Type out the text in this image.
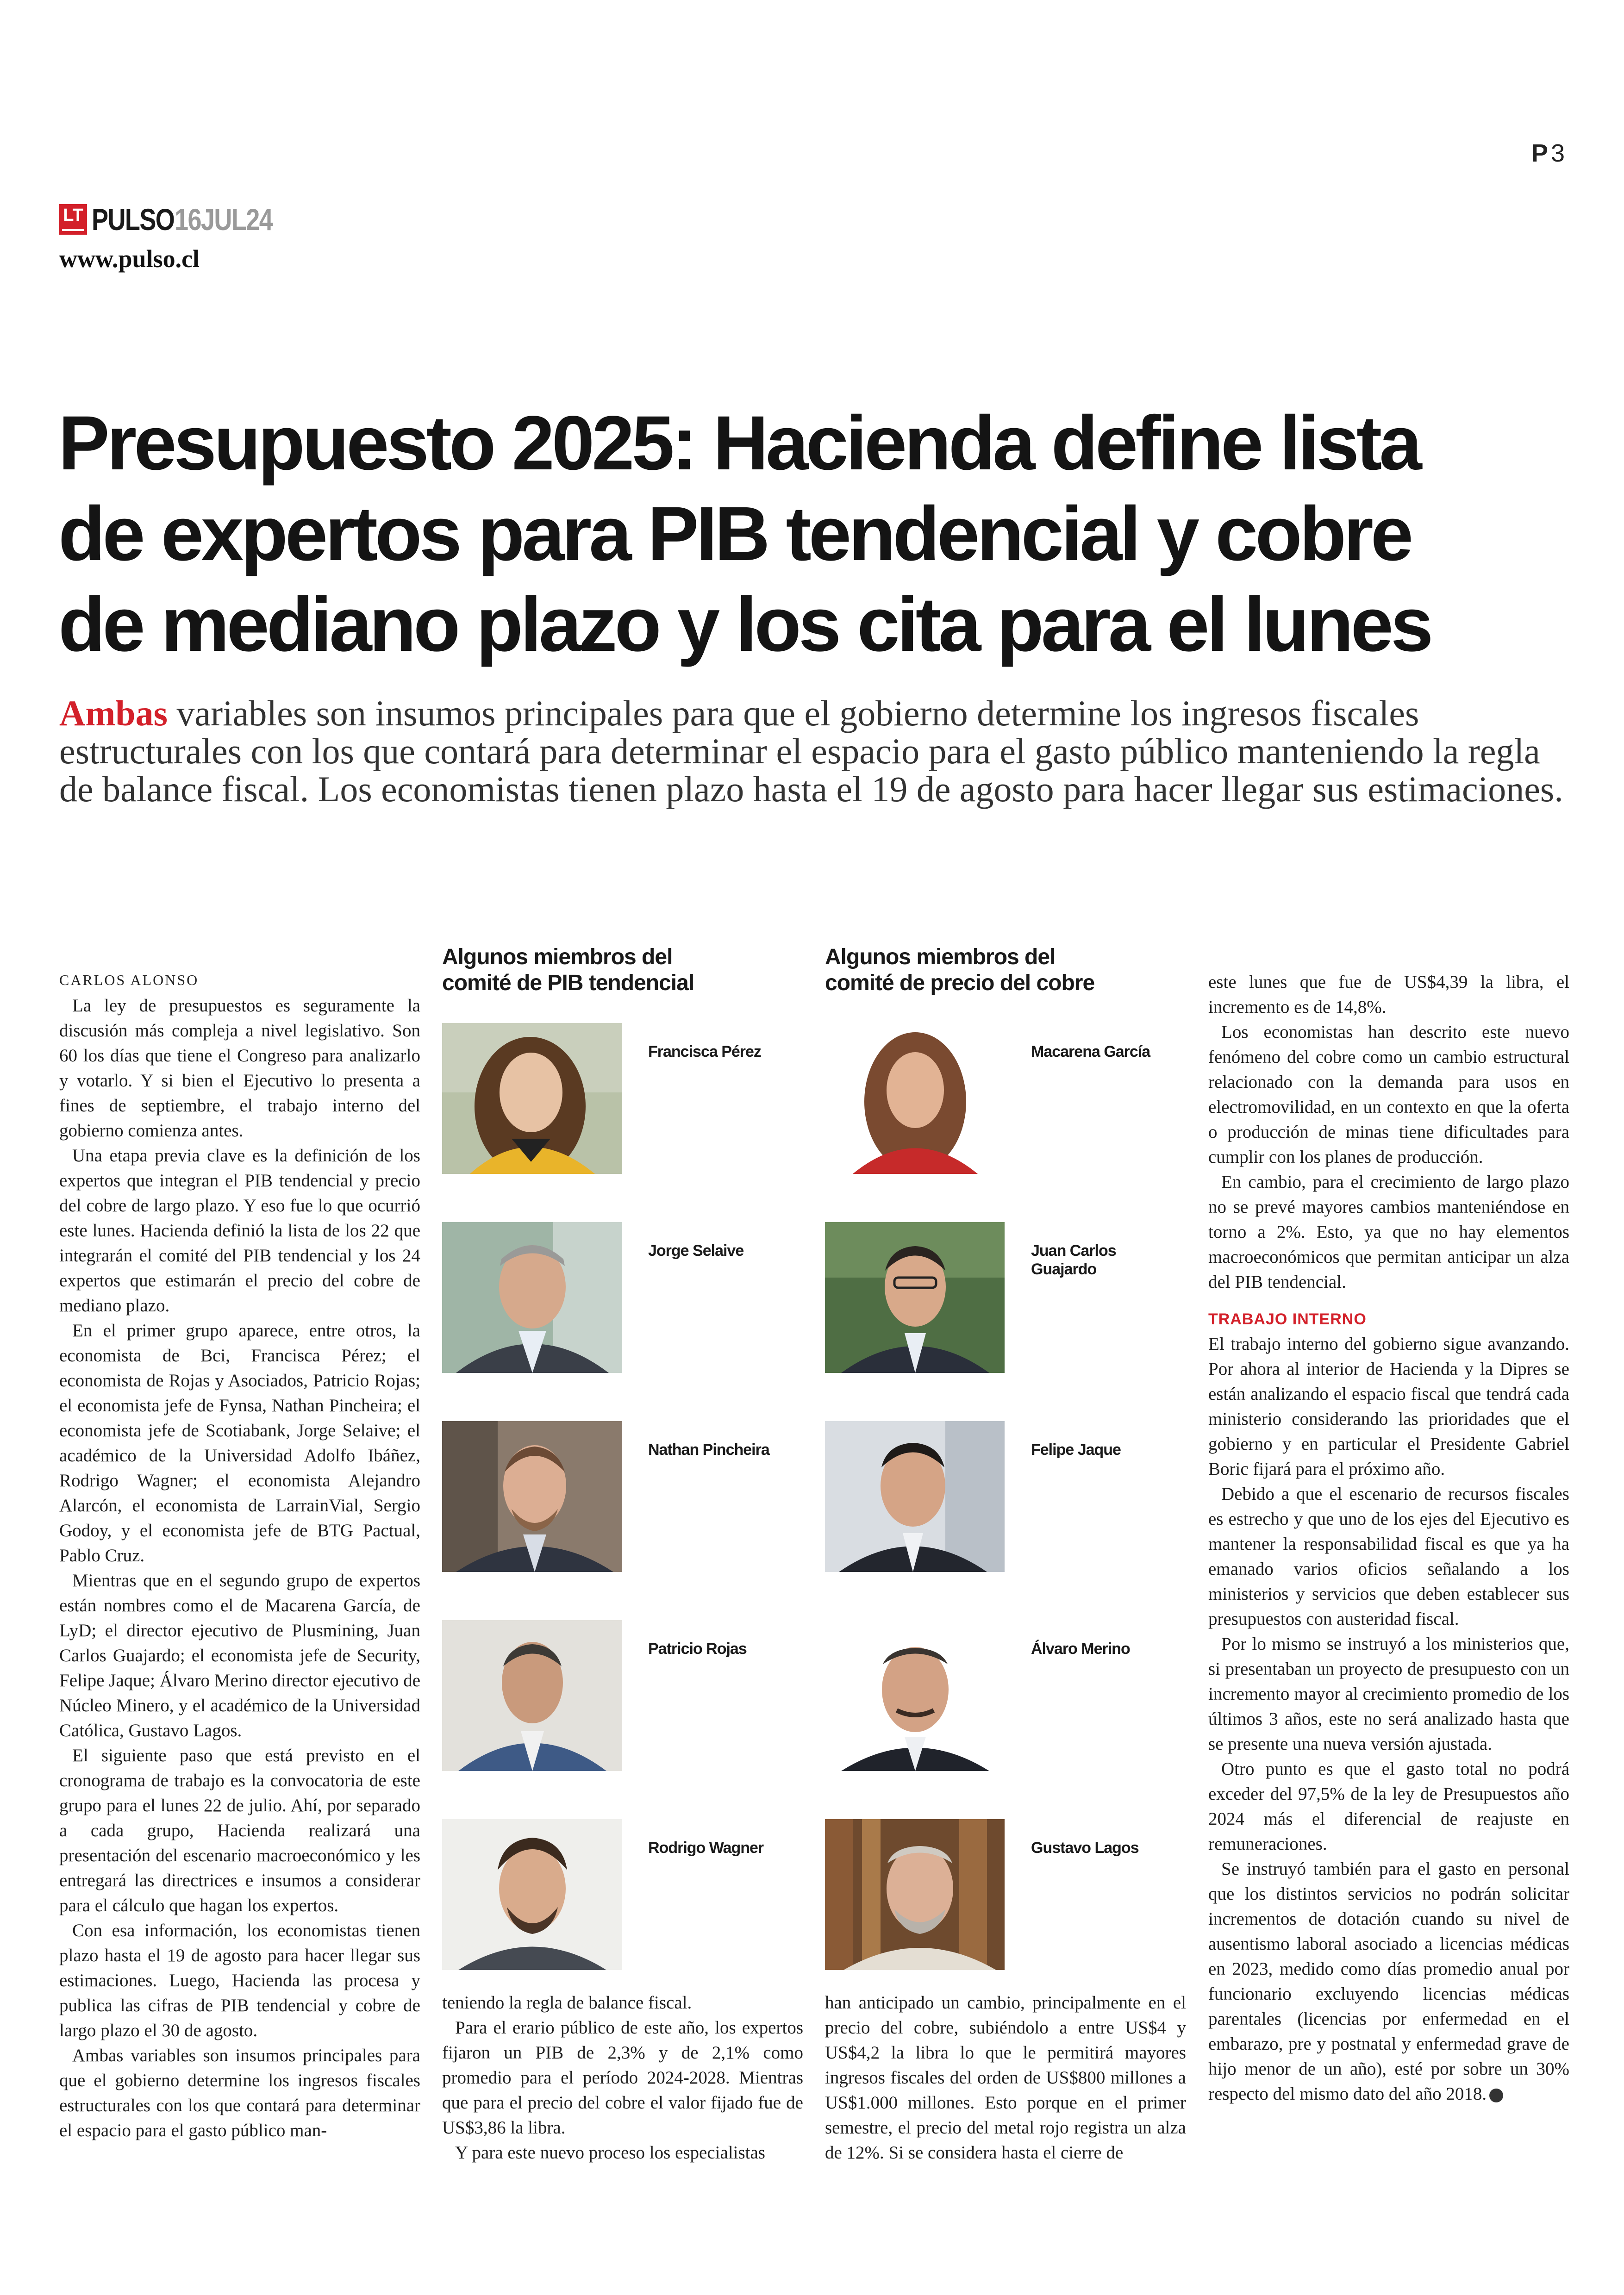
P3
LT PULSO 16JUL24
www.pulso.cl
Presupuesto 2025: Hacienda define lista
de expertos para PIB tendencial y cobre
de mediano plazo y los cita para el lunes
Ambas variables son insumos principales para que el gobierno determine los ingresos fiscales estructurales con los que contará para determinar el espacio para el gasto público manteniendo la regla de balance fiscal. Los economistas tienen plazo hasta el 19 de agosto para hacer llegar sus estimaciones.
CARLOS ALONSO

La ley de presupuestos es seguramente la discusión más compleja a nivel legislativo. Son 60 los días que tiene el Congreso para analizarlo y votarlo. Y si bien el Ejecutivo lo presenta a fines de septiembre, el trabajo interno del gobierno comienza antes.

Una etapa previa clave es la definición de los expertos que integran el PIB tendencial y precio del cobre de largo plazo. Y eso fue lo que ocurrió este lunes. Hacienda definió la lista de los 22 que integrarán el comité del PIB tendencial y los 24 expertos que estimarán el precio del cobre de mediano plazo.

En el primer grupo aparece, entre otros, la economista de Bci, Francisca Pérez; el economista de Rojas y Asociados, Patricio Rojas; el economista jefe de Fynsa, Nathan Pincheira; el economista jefe de Scotiabank, Jorge Selaive; el académico de la Universidad Adolfo Ibáñez, Rodrigo Wagner; el economista Alejandro Alarcón, el economista de LarrainVial, Sergio Godoy, y el economista jefe de BTG Pactual, Pablo Cruz.

Mientras que en el segundo grupo de expertos están nombres como el de Macarena García, de LyD; el director ejecutivo de Plusmining, Juan Carlos Guajardo; el economista jefe de Security, Felipe Jaque; Álvaro Merino director ejecutivo de Núcleo Minero, y el académico de la Universidad Católica, Gustavo Lagos.

El siguiente paso que está previsto en el cronograma de trabajo es la convocatoria de este grupo para el lunes 22 de julio. Ahí, por separado a cada grupo, Hacienda realizará una presentación del escenario macroeconómico y les entregará las directrices e insumos a considerar para el cálculo que hagan los expertos.

Con esa información, los economistas tienen plazo hasta el 19 de agosto para hacer llegar sus estimaciones. Luego, Hacienda las procesa y publica las cifras de PIB tendencial y cobre de largo plazo el 30 de agosto.

Ambas variables son insumos principales para que el gobierno determine los ingresos fiscales estructurales con los que contará para determinar el espacio para el gasto público man-

Algunos miembros del
comité de PIB tendencial
Francisca Pérez
Jorge Selaive
Nathan Pincheira
Patricio Rojas
Rodrigo Wagner
Algunos miembros del
comité de precio del cobre
Macarena García
Juan Carlos Guajardo
Felipe Jaque
Álvaro Merino
Gustavo Lagos

teniendo la regla de balance fiscal.

Para el erario público de este año, los expertos fijaron un PIB de 2,3% y de 2,1% como promedio para el período 2024-2028. Mientras que para el precio del cobre el valor fijado fue de US$3,86 la libra.

Y para este nuevo proceso los especialistas

han anticipado un cambio, principalmente en el precio del cobre, subiéndolo a entre US$4 y US$4,2 la libra lo que le permitirá mayores ingresos fiscales del orden de US$800 millones a US$1.000 millones. Esto porque en el primer semestre, el precio del metal rojo registra un alza de 12%. Si se considera hasta el cierre de

este lunes que fue de US$4,39 la libra, el incremento es de 14,8%.

Los economistas han descrito este nuevo fenómeno del cobre como un cambio estructural relacionado con la demanda para usos en electromovilidad, en un contexto en que la oferta o producción de minas tiene dificultades para cumplir con los planes de producción.

En cambio, para el crecimiento de largo plazo no se prevé mayores cambios manteniéndose en torno a 2%. Esto, ya que no hay elementos macroeconómicos que permitan anticipar un alza del PIB tendencial.

TRABAJO INTERNO

El trabajo interno del gobierno sigue avanzando. Por ahora al interior de Hacienda y la Dipres se están analizando el espacio fiscal que tendrá cada ministerio considerando las prioridades que el gobierno y en particular el Presidente Gabriel Boric fijará para el próximo año.

Debido a que el escenario de recursos fiscales es estrecho y que uno de los ejes del Ejecutivo es mantener la responsabilidad fiscal es que ya ha emanado varios oficios señalando a los ministerios y servicios que deben establecer sus presupuestos con austeridad fiscal.

Por lo mismo se instruyó a los ministerios que, si presentaban un proyecto de presupuesto con un incremento mayor al crecimiento promedio de los últimos 3 años, este no será analizado hasta que se presente una nueva versión ajustada.

Otro punto es que el gasto total no podrá exceder del 97,5% de la ley de Presupuestos año 2024 más el diferencial de reajuste en remuneraciones.

Se instruyó también para el gasto en personal que los distintos servicios no podrán solicitar incrementos de dotación cuando su nivel de ausentismo laboral asociado a licencias médicas en 2023, medido como días promedio anual por funcionario excluyendo licencias médicas parentales (licencias por enfermedad en el embarazo, pre y postnatal y enfermedad grave de hijo menor de un año), esté por sobre un 30% respecto del mismo dato del año 2018.
